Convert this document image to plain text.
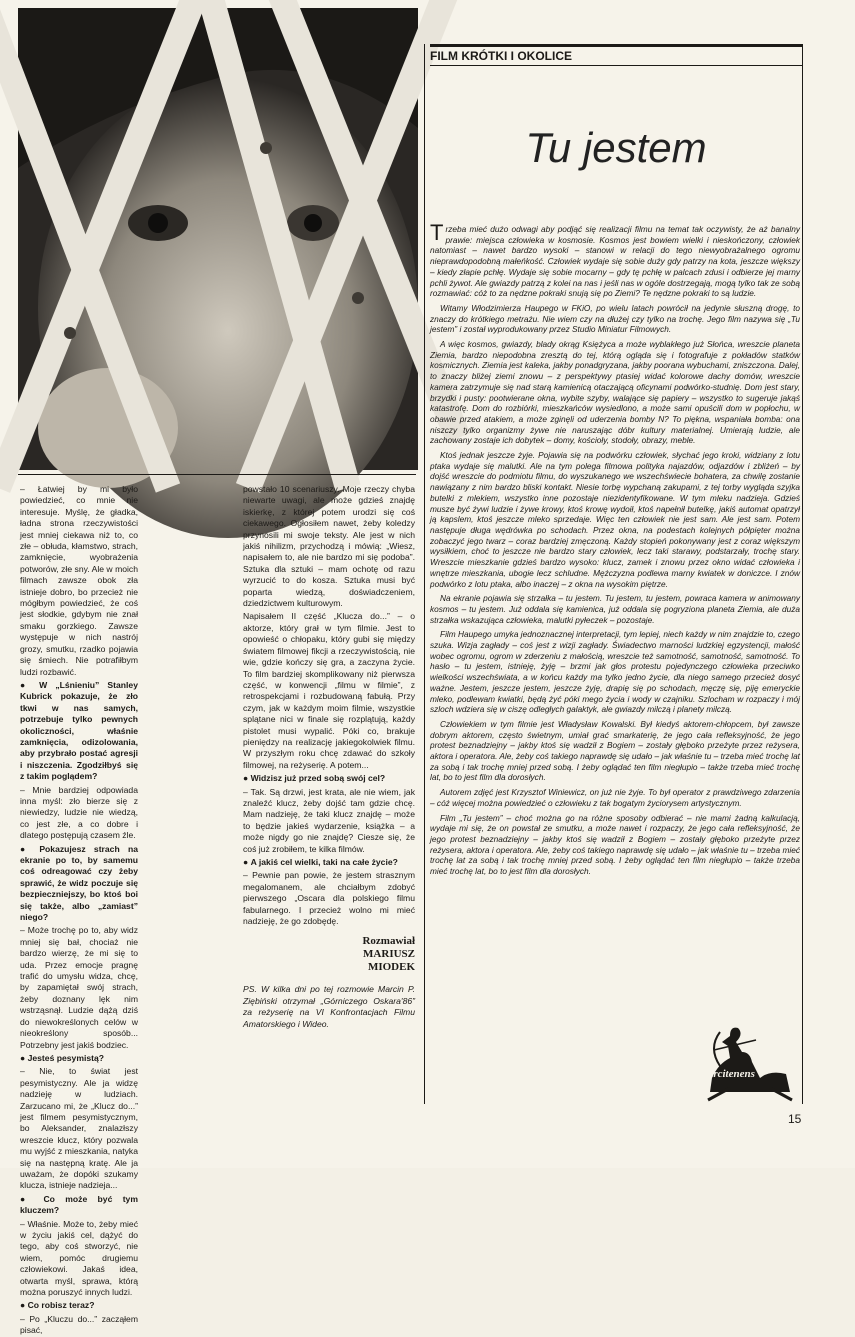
– Łatwiej by mi było powiedzieć, co mnie nie interesuje. Myślę, że gładka, ładna strona rzeczywistości jest mniej ciekawa niż to, co złe – obłuda, kłamstwo, strach, zamknięcie, wyobrażenia potworów, złe sny. Ale w moich filmach zawsze obok zła istnieje dobro, bo przecież nie mógłbym powiedzieć, że coś jest słodkie, gdybym nie znał smaku gorzkiego. Zawsze występuje w nich nastrój grozy, smutku, rzadko pojawia się śmiech. Nie potrafiłbym ludzi rozbawić.

● W „Lśnieniu” Stanley Kubrick pokazuje, że zło tkwi w nas samych, potrzebuje tylko pewnych okoliczności, właśnie zamknięcia, odizolowania, aby przybrało postać agresji i niszczenia. Zgodziłbyś się z takim poglądem?

– Mnie bardziej odpowiada inna myśl: zło bierze się z niewiedzy, ludzie nie wiedzą, co jest złe, a co dobre i dlatego postępują czasem źle.

● Pokazujesz strach na ekranie po to, by samemu coś odreagować czy żeby sprawić, że widz poczuje się bezpieczniejszy, bo ktoś boi się także, albo „zamiast” niego?

– Może trochę po to, aby widz mniej się bał, chociaż nie bardzo wierzę, że mi się to uda. Przez emocje pragnę trafić do umysłu widza, chcę, by zapamiętał swój strach, żeby doznany lęk nim wstrząsnął. Ludzie dążą dziś do niewokreślonych celów w nieokreślony sposób... Potrzebny jest jakiś bodziec.

● Jesteś pesymistą?

– Nie, to świat jest pesymistyczny. Ale ja widzę nadzieję w ludziach. Zarzucano mi, że „Klucz do...” jest filmem pesymistycznym, bo Aleksander, znalazłszy wreszcie klucz, który pozwala mu wyjść z mieszkania, natyka się na następną kratę. Ale ja uważam, że dopóki szukamy klucza, istnieje nadzieja...

● Co może być tym kluczem?

– Właśnie. Może to, żeby mieć w życiu jakiś cel, dążyć do tego, aby coś stworzyć, nie wiem, pomóc drugiemu człowiekowi. Jakaś idea, otwarta myśl, sprawa, którą można poruszyć innych ludzi.

● Co robisz teraz?

– Po „Kluczu do...” zacząłem pisać,

powstało 10 scenariuszy. Moje rzeczy chyba niewarte uwagi, ale może gdzieś znajdę iskierkę, z której potem urodzi się coś ciekawego. Ogłosiłem nawet, żeby koledzy przynosili mi swoje teksty. Ale jest w nich jakiś nihilizm, przychodzą i mówią: „Wiesz, napisałem to, ale nie bardzo mi się podoba”. Sztuka dla sztuki – mam ochotę od razu wyrzucić to do kosza. Sztuka musi być poparta wiedzą, doświadczeniem, dziedzictwem kulturowym.

Napisałem II część „Klucza do...” – o aktorze, który grał w tym filmie. Jest to opowieść o chłopaku, który gubi się między światem filmowej fikcji a rzeczywistością, nie wie, gdzie kończy się gra, a zaczyna życie. To film bardziej skomplikowany niż pierwsza część, w konwencji „filmu w filmie”, z retrospekcjami i rozbudowaną fabułą. Przy czym, jak w każdym moim filmie, wszystkie splątane nici w finale się rozplątują, każdy pistolet musi wypalić. Póki co, brakuje pieniędzy na realizację jakiegokolwiek filmu. W przyszłym roku chcę zdawać do szkoły filmowej, na reżyserię. A potem...

● Widzisz już przed sobą swój cel?

– Tak. Są drzwi, jest krata, ale nie wiem, jak znaleźć klucz, żeby dojść tam gdzie chcę. Mam nadzieję, że taki klucz znajdę – może to będzie jakieś wydarzenie, książka – a może nigdy go nie znajdę? Ciesze się, że coś już zrobiłem, te kilka filmów.

● A jakiś cel wielki, taki na całe życie?

– Pewnie pan powie, że jestem strasznym megalomanem, ale chciałbym zdobyć pierwszego „Oscara dla polskiego filmu fabularnego. I przecież wolno mi mieć nadzieję, że go zdobędę.

Rozmawiał
MARIUSZ
MIODEK

PS. W kilka dni po tej rozmowie Marcin P. Ziębiński otrzymał „Górniczego Oskara'86” za reżyserię na VI Konfrontacjach Filmu Amatorskiego i Wideo.

FILM KRÓTKI I OKOLICE
Tu jestem

Trzeba mieć dużo odwagi aby podjąć się realizacji filmu na temat tak oczywisty, że aż banalny prawie: miejsca człowieka w kosmosie. Kosmos jest bowiem wielki i nieskończony, człowiek natomiast – nawet bardzo wysoki – stanowi w relacji do tego niewyobrażalnego ogromu nieprawdopodobną małeńkość. Człowiek wydaje się sobie duży gdy patrzy na kota, jeszcze większy – kiedy złapie pchłę. Wydaje się sobie mocarny – gdy tę pchłę w palcach zdusi i odbierze jej marny pchli żywot. Ale gwiazdy patrzą z kolei na nas i jeśli nas w ogóle dostrzegają, mogą tylko tak ze sobą rozmawiać: cóż to za nędzne pokraki snują się po Ziemi? Te nędzne pokraki to są ludzie.

Witamy Włodzimierza Haupego w FKiO, po wielu latach powrócił na jedynie słuszną drogę, to znaczy do krótkiego metrażu. Nie wiem czy na dłużej czy tylko na trochę. Jego film nazywa się „Tu jestem” i został wyprodukowany przez Studio Miniatur Filmowych.

A więc kosmos, gwiazdy, blady okrąg Księżyca a może wyblakłego już Słońca, wreszcie planeta Ziemia, bardzo niepodobna zresztą do tej, którą ogląda się i fotografuje z pokładów statków kosmicznych. Ziemia jest kaleka, jakby ponadgryzana, jakby poorana wybuchami, zniszczona. Dalej, to znaczy bliżej ziemi znowu – z perspektywy ptasiej widać kolorowe dachy domów, wreszcie kamera zatrzymuje się nad starą kamienicą otaczającą oficynami podwórko-studnię. Dom jest stary, brzydki i pusty: pootwierane okna, wybite szyby, walające się papiery – wszystko to sugeruje jakąś katastrofę. Dom do rozbiórki, mieszkańców wysiedlono, a może sami opuścili dom w popłochu, w obawie przed atakiem, a może zginęli od uderzenia bomby N? To piękna, wspaniała bomba: ona niszczy tylko organizmy żywe nie naruszając dóbr kultury materialnej. Umierają ludzie, ale zachowany zostaje ich dobytek – domy, kościoły, stodoły, obrazy, meble.

Ktoś jednak jeszcze żyje. Pojawia się na podwórku człowiek, słychać jego kroki, widziany z lotu ptaka wydaje się malutki. Ale na tym polega filmowa polityka najazdów, odjazdów i zbliżeń – by dojść wreszcie do podmiotu filmu, do wyszukanego we wszechświecie bohatera, za chwilę zostanie nawiązany z nim bardzo bliski kontakt. Niesie torbę wypchaną zakupami, z tej torby wygląda szyjka butelki z mlekiem, wszystko inne pozostaje niezidentyfikowane. W tym mleku nadzieja. Gdzieś musze być żywi ludzie i żywe krowy, ktoś krowę wydoił, ktoś napełnił butelkę, jakiś automat opatrzył ją kapslem, ktoś jeszcze mleko sprzedaje. Więc ten człowiek nie jest sam. Ale jest sam. Potem następuje długa wędrówka po schodach. Przez okna, na podestach kolejnych półpięter można zobaczyć jego twarz – coraz bardziej zmęczoną. Każdy stopień pokonywany jest z coraz większym wysiłkiem, choć to jeszcze nie bardzo stary człowiek, lecz taki starawy, podstarzały, trochę stary. Wreszcie mieszkanie gdzieś bardzo wysoko: klucz, zamek i znowu przez okno widać człowieka i wnętrze mieszkania, ubogie lecz schludne. Mężczyzna podlewa marny kwiatek w doniczce. I znów podwórko z lotu ptaka, albo inaczej – z okna na wysokim piętrze.

Na ekranie pojawia się strzałka – tu jestem. Tu jestem, tu jestem, powraca kamera w animowany kosmos – tu jestem. Już oddala się kamienica, już oddala się pogryziona planeta Ziemia, ale duża strzałka wskazująca człowieka, malutki pyłeczek – pozostaje.

Film Haupego umyka jednoznacznej interpretacji, tym lepiej, niech każdy w nim znajdzie to, czego szuka. Wizja zagłady – coś jest z wizji zagłady. Świadectwo marności ludzkiej egzystencji, małość wobec ogromu, ogrom w zderzeniu z małością, wreszcie też samotność, samotność, samotność. To hasło – tu jestem, istnieję, żyję – brzmi jak głos protestu pojedynczego człowieka przeciwko wielkości wszechświata, a w końcu każdy ma tylko jedno życie, dla niego samego przecież dosyć ważne. Jestem, jeszcze jestem, jeszcze żyję, drapię się po schodach, męczę się, piję emeryckie mleko, podlewam kwiatki, będą żyć póki mego życia i wody w czajniku. Szlocham w rozpaczy i mój szloch wdziera się w ciszę odległych galaktyk, ale gwiazdy milczą i planety milczą.

Człowiekiem w tym filmie jest Władysław Kowalski. Był kiedyś aktorem-chłopcem, był zawsze dobrym aktorem, często świetnym, umiał grać smarkaterię, że jego cała refleksyjność, że jego protest beznadziejny – jakby ktoś się wadził z Bogiem – zostały głęboko przeżyte przez reżysera, aktora i operatora. Ale, żeby coś takiego naprawdę się udało – jak właśnie tu – trzeba mieć trochę lat za sobą i tak trochę mniej przed sobą. I żeby oglądać ten film niegłupio – także trzeba mieć trochę lat, bo to jest film dla dorosłych.

Autorem zdjęć jest Krzysztof Winiewicz, on już nie żyje. To był operator z prawdziwego zdarzenia – cóż więcej można powiedzieć o człowieku z tak bogatym życiorysem artystycznym.

Film „Tu jestem” – choć można go na różne sposoby odbierać – nie mami żadną kalkulacją, wydaje mi się, że on powstał ze smutku, a może nawet i rozpaczy, że jego cała refleksyjność, że jego protest beznadziejny – jakby ktoś się wadził z Bogiem – zostały głęboko przeżyte przez reżysera, aktora i operatora. Ale, żeby coś takiego naprawdę się udało – jak właśnie tu – trzeba mieć trochę lat za sobą i tak trochę mniej przed sobą. I żeby oglądać ten film niegłupio – także trzeba mieć trochę lat, bo to jest film dla dorosłych.

Arcitenens
15
